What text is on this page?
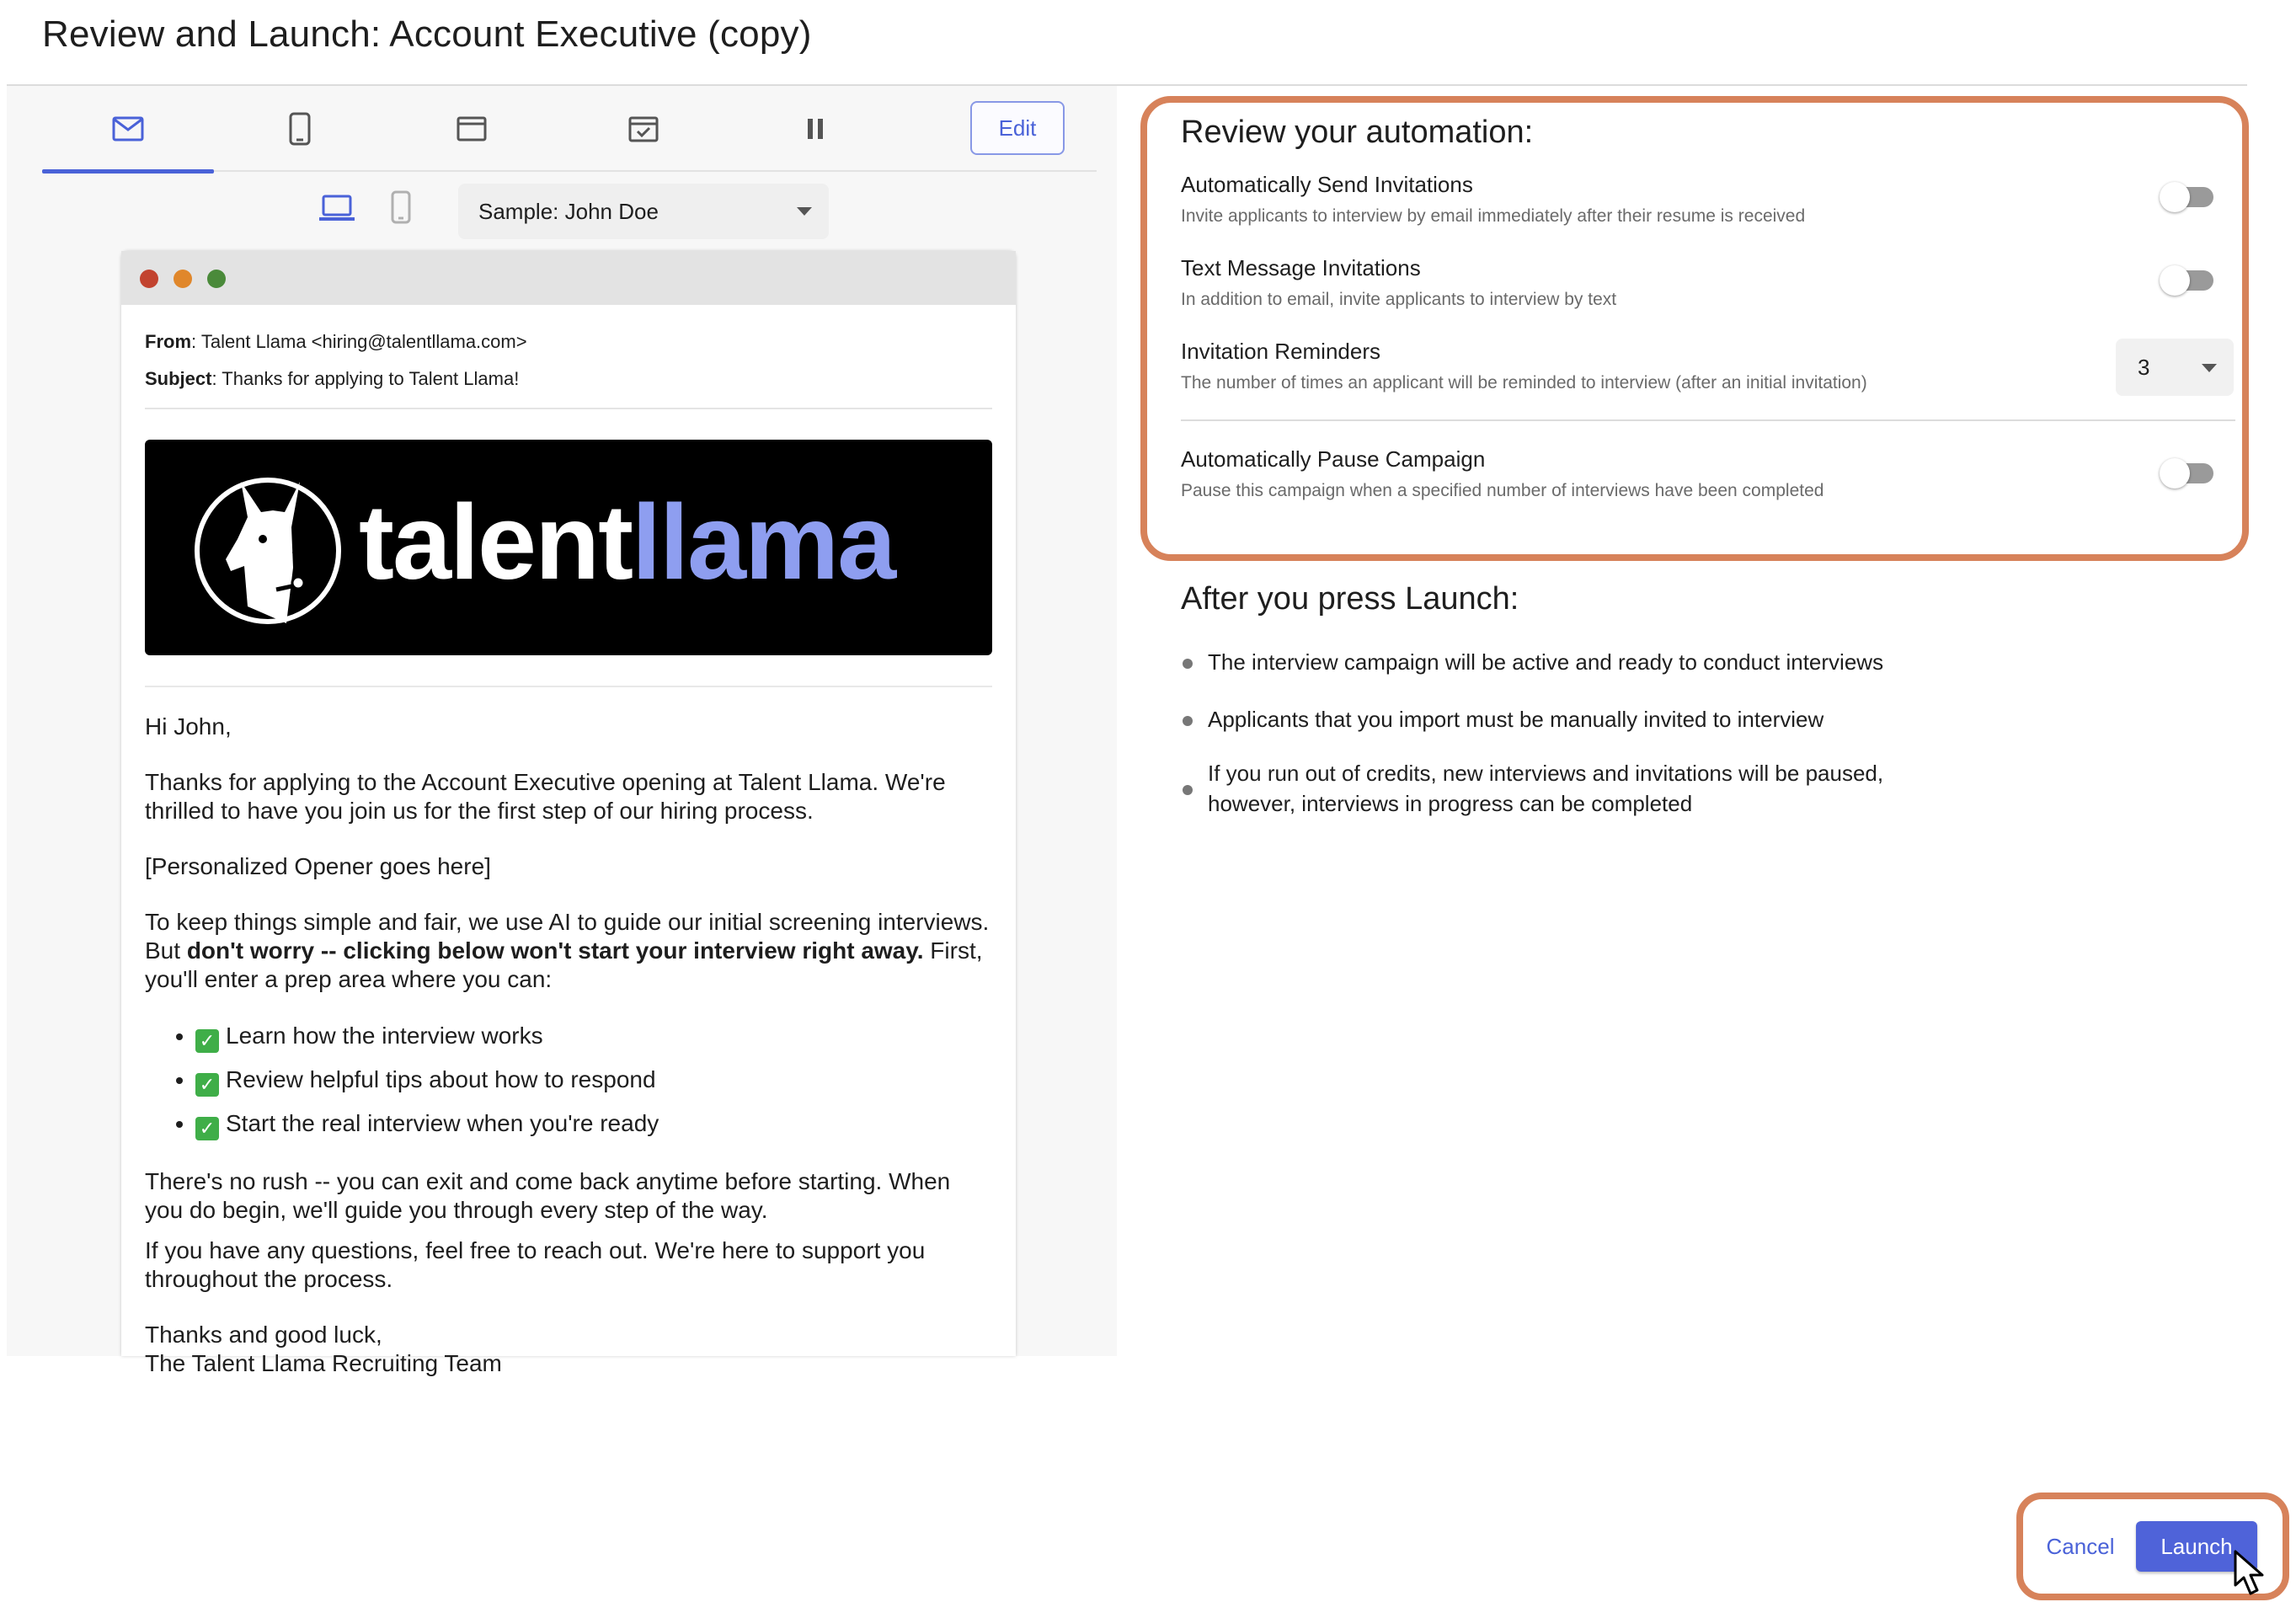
Review and Launch: Account Executive (copy)
Edit
Sample: John Doe
From: Talent Llama <hiring@talentllama.com>
Subject: Thanks for applying to Talent Llama!
talentllama

Hi John,

Thanks for applying to the Account Executive opening at Talent Llama. We're thrilled to have you join us for the first step of our hiring process.

[Personalized Opener goes here]

To keep things simple and fair, we use AI to guide our initial screening interviews. But don't worry -- clicking below won't start your interview right away. First, you'll enter a prep area where you can:

• ✓ Learn how the interview works
• ✓ Review helpful tips about how to respond
• ✓ Start the real interview when you're ready

There's no rush -- you can exit and come back anytime before starting. When you do begin, we'll guide you through every step of the way.

If you have any questions, feel free to reach out. We're here to support you throughout the process.

Thanks and good luck,

The Talent Llama Recruiting Team

Review your automation:
Automatically Send Invitations
Invite applicants to interview by email immediately after their resume is received
Text Message Invitations
In addition to email, invite applicants to interview by text
Invitation Reminders
The number of times an applicant will be reminded to interview (after an initial invitation)
3
Automatically Pause Campaign
Pause this campaign when a specified number of interviews have been completed
After you press Launch:
The interview campaign will be active and ready to conduct interviews
Applicants that you import must be manually invited to interview
If you run out of credits, new interviews and invitations will be paused, however, interviews in progress can be completed
Cancel	Launch
